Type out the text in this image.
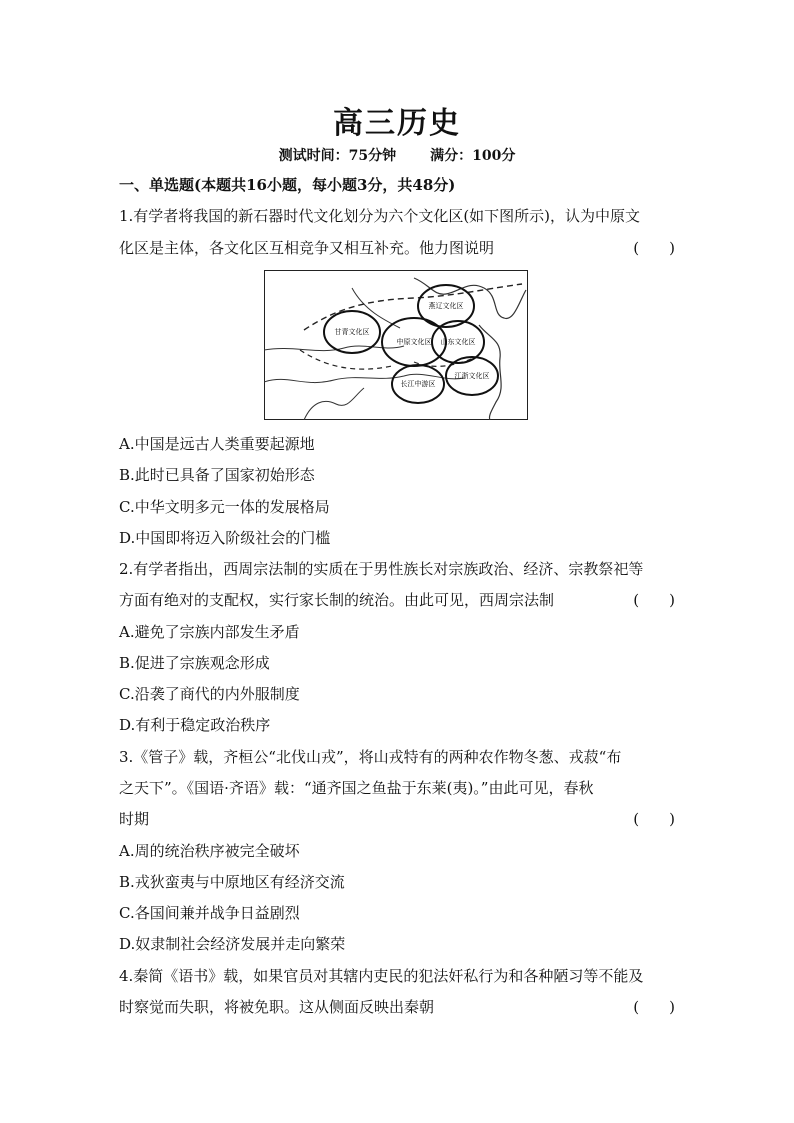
高三历史
测试时间：75分钟 满分：100分
一、单选题(本题共16小题，每小题3分，共48分)
1.有学者将我国的新石器时代文化划分为六个文化区(如下图所示)，认为中原文
化区是主体，各文化区互相竞争又相互补充。他力图说明	(　　)
燕辽文化区
甘青文化区
中原文化区 山东文化区
长江中游区
江浙文化区
A.中国是远古人类重要起源地
B.此时已具备了国家初始形态
C.中华文明多元一体的发展格局
D.中国即将迈入阶级社会的门槛
2.有学者指出，西周宗法制的实质在于男性族长对宗族政治、经济、宗教祭祀等
方面有绝对的支配权，实行家长制的统治。由此可见，西周宗法制	(　　)
A.避免了宗族内部发生矛盾
B.促进了宗族观念形成
C.沿袭了商代的内外服制度
D.有利于稳定政治秩序
3.《管子》载，齐桓公“北伐山戎”，将山戎特有的两种农作物冬葱、戎菽“布
之天下”。《国语·齐语》载：“通齐国之鱼盐于东莱(夷)。”由此可见，春秋
时期	(　　)
A.周的统治秩序被完全破坏
B.戎狄蛮夷与中原地区有经济交流
C.各国间兼并战争日益剧烈
D.奴隶制社会经济发展并走向繁荣
4.秦简《语书》载，如果官员对其辖内吏民的犯法奸私行为和各种陋习等不能及
时察觉而失职，将被免职。这从侧面反映出秦朝	(　　)
